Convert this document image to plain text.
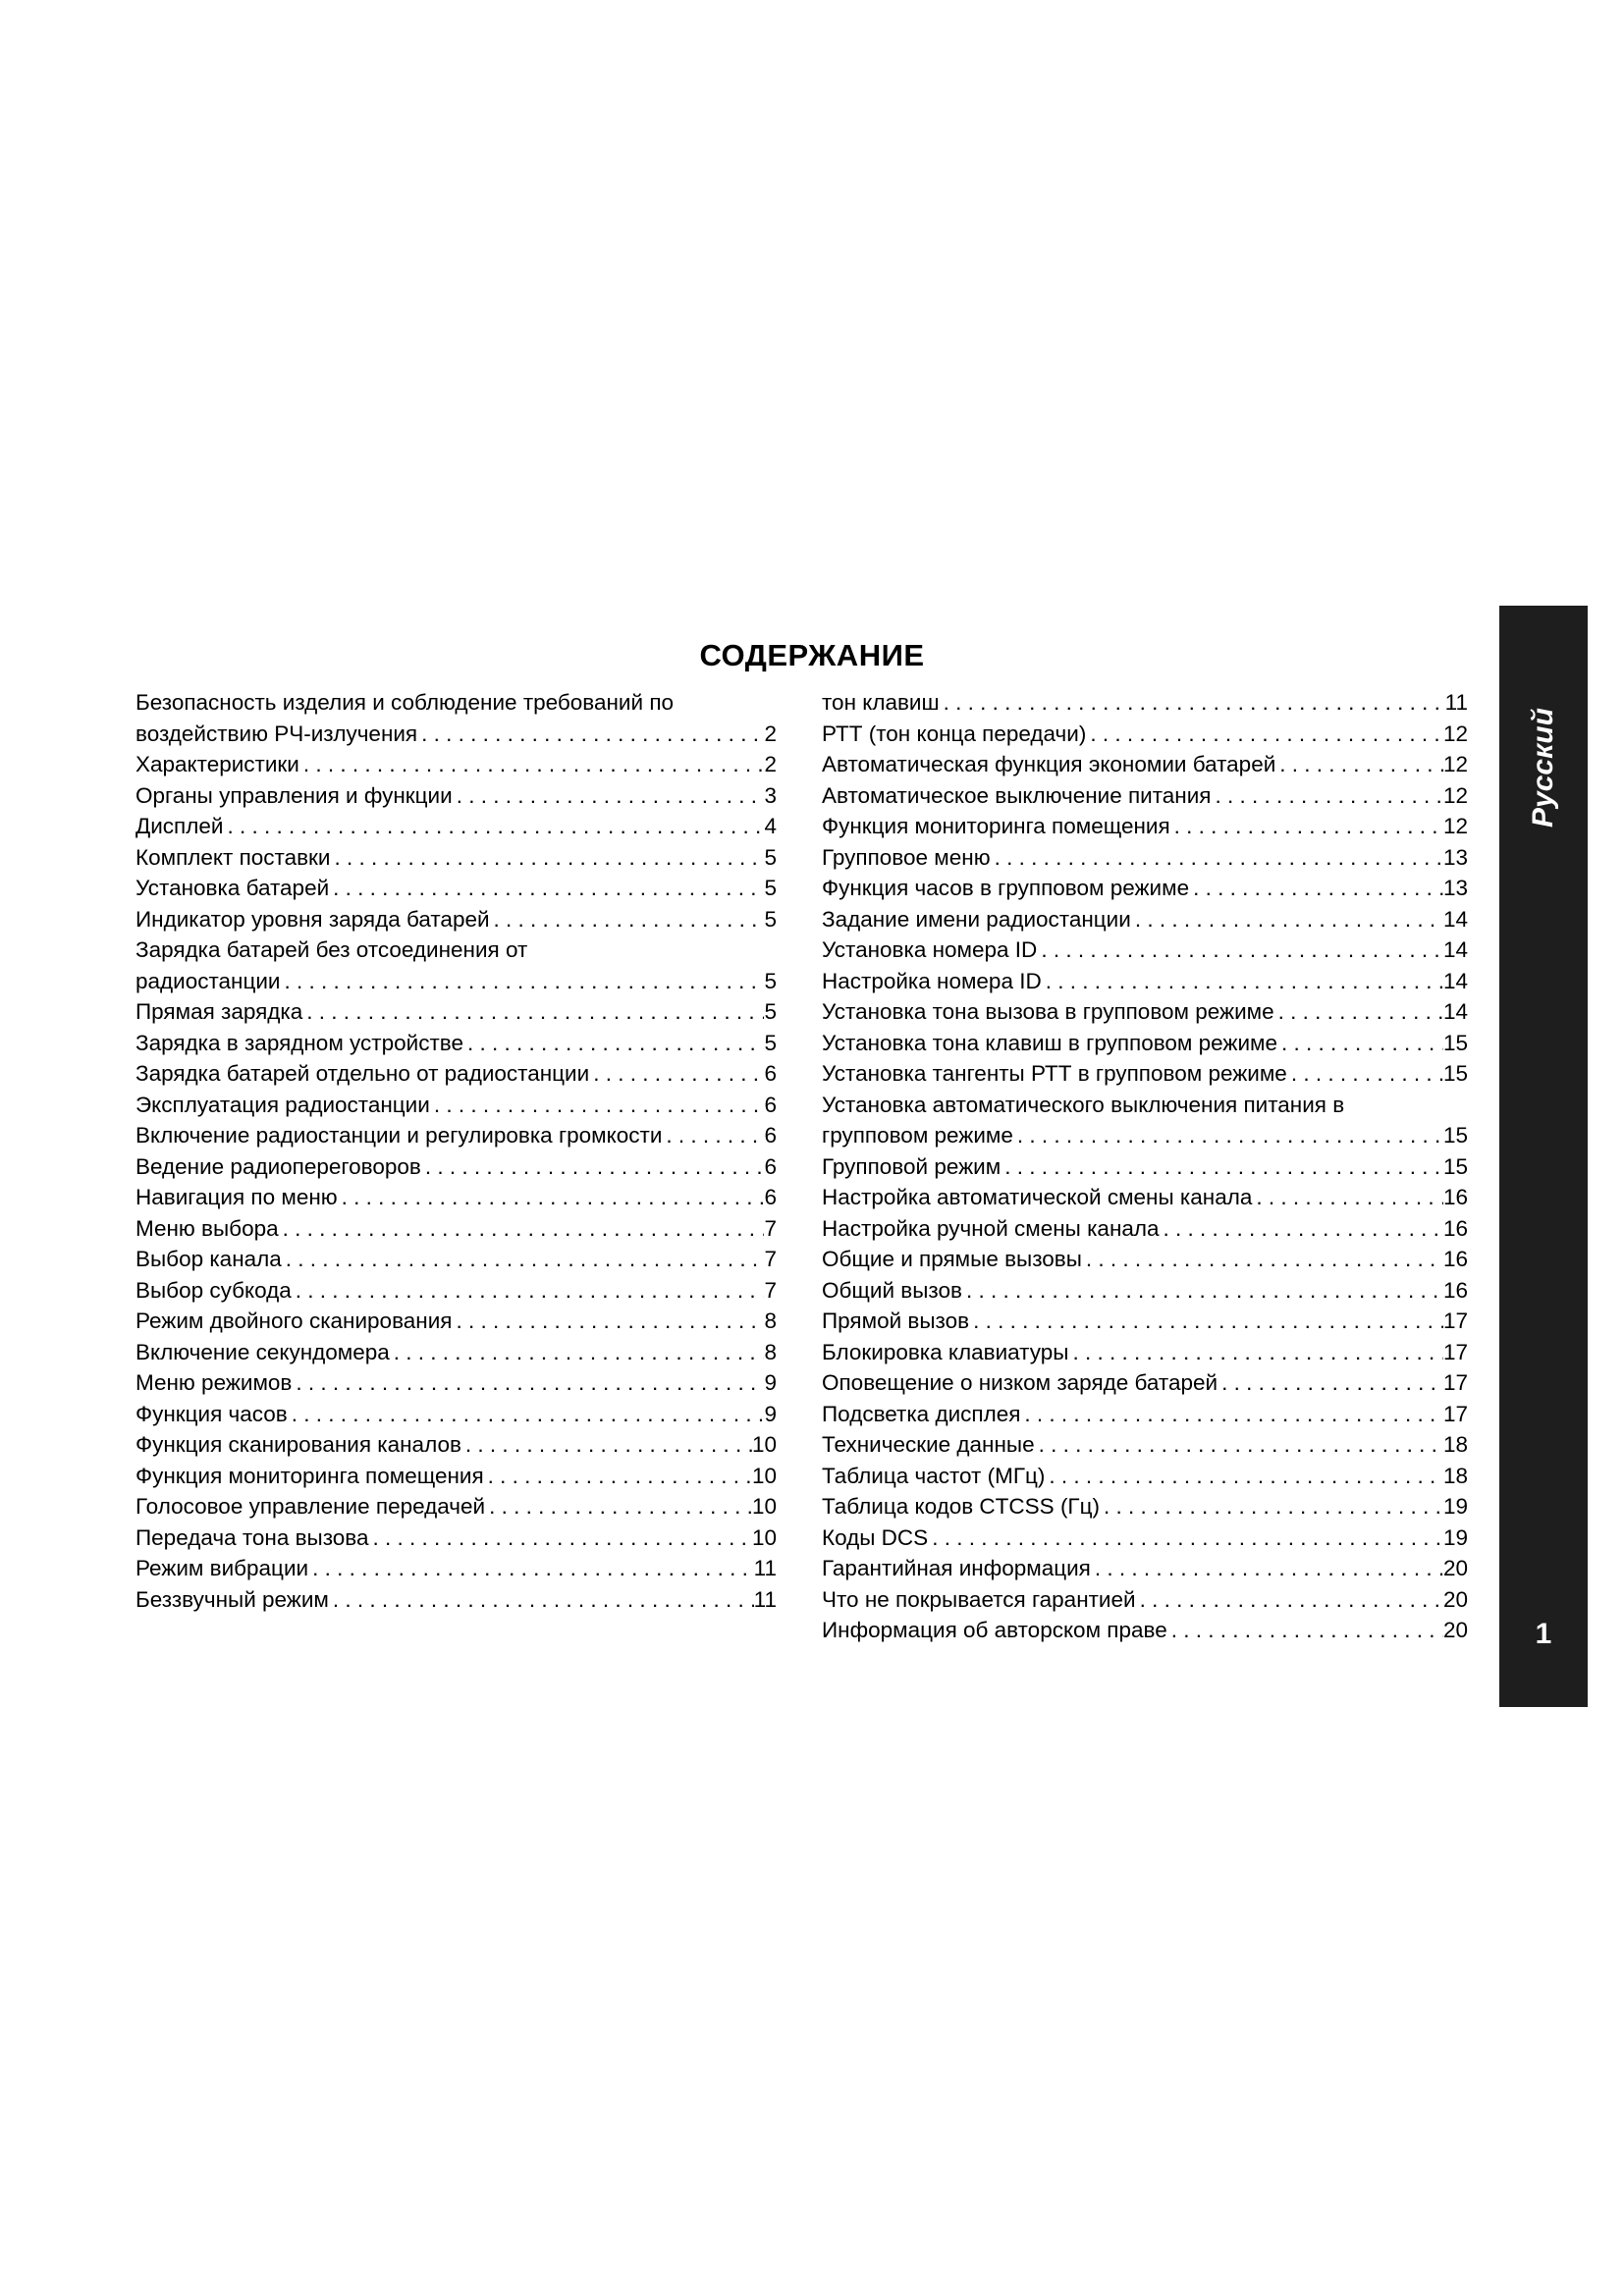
СОДЕРЖАНИЕ
Безопасность изделия и соблюдение требований по
воздействию РЧ-излучения . . .	2
Характеристики . . .	2
Органы управления и функции . . .	3
Дисплей . . .	4
Комплект поставки . . .	5
Установка батарей . . .	5
Индикатор уровня заряда батарей . . .	5
Зарядка батарей без отсоединения от
радиостанции . . .	5
Прямая зарядка . . .	5
Зарядка в зарядном устройстве . . .	5
Зарядка батарей отдельно от радиостанции . . .	6
Эксплуатация радиостанции . . .	6
Включение радиостанции и регулировка громкости . . .	6
Ведение радиопереговоров . . .	6
Навигация по меню . . .	6
Меню выбора . . .	7
Выбор канала . . .	7
Выбор субкода . . .	7
Режим двойного сканирования . . .	8
Включение секундомера . . .	8
Меню режимов . . .	9
Функция часов . . .	9
Функция сканирования каналов . . .	10
Функция мониторинга помещения . . .	10
Голосовое управление передачей . . .	10
Передача тона вызова . . .	10
Режим вибрации . . .	11
Беззвучный режим . . .	11
тон клавиш . . .	11
РТТ (тон конца передачи) . . .	12
Автоматическая функция экономии батарей . . .	12
Автоматическое выключение питания . . .	12
Функция мониторинга помещения . . .	12
Групповое меню . . .	13
Функция часов в групповом режиме . . .	13
Задание имени радиостанции . . .	14
Установка номера ID . . .	14
Настройка номера ID . . .	14
Установка тона вызова в групповом режиме . . .	14
Установка тона клавиш в групповом режиме . . .	15
Установка тангенты РТТ в групповом режиме . . .	15
Установка автоматического выключения питания в
групповом режиме . . .	15
Групповой режим . . .	15
Настройка автоматической смены канала . . .	16
Настройка ручной смены канала . . .	16
Общие и прямые вызовы . . .	16
Общий вызов . . .	16
Прямой вызов . . .	17
Блокировка клавиатуры . . .	17
Оповещение о низком заряде батарей . . .	17
Подсветка дисплея . . .	17
Технические данные . . .	18
Таблица частот (МГц) . . .	18
Таблица кодов CTCSS (Гц) . . .	19
Коды DCS . . .	19
Гарантийная информация . . .	20
Что не покрывается гарантией . . .	20
Информация об авторском праве . . .	20
Русский
1
